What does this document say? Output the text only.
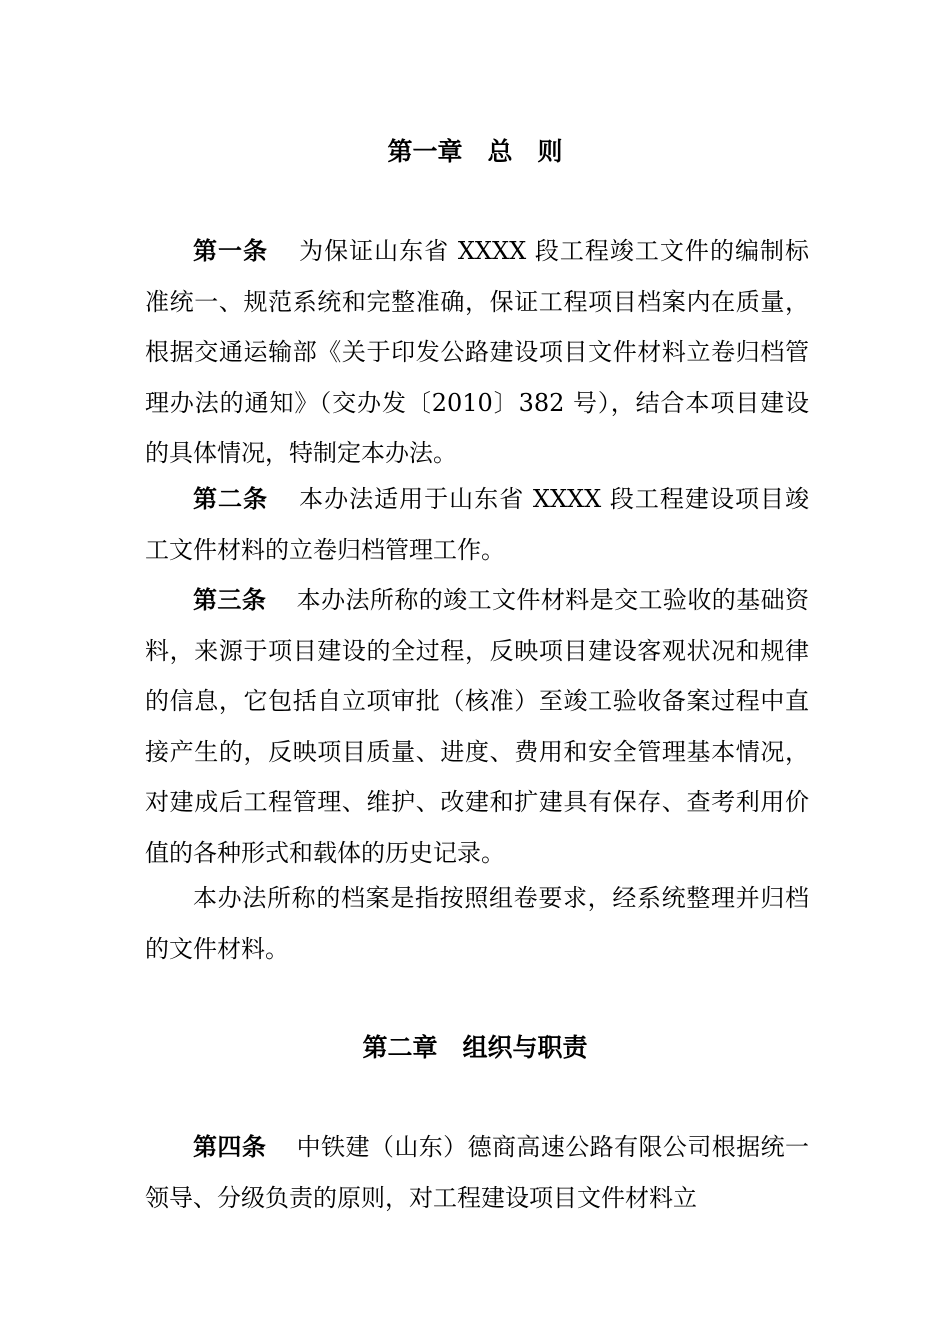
第一章　总　则

第一条 为保证山东省 XXXX 段工程竣工文件的编制标准统一、规范系统和完整准确，保证工程项目档案内在质量，根据交通运输部《关于印发公路建设项目文件材料立卷归档管理办法的通知》（交办发〔2010〕382 号），结合本项目建设的具体情况，特制定本办法。

第二条 本办法适用于山东省 XXXX 段工程建设项目竣工文件材料的立卷归档管理工作。

第三条 本办法所称的竣工文件材料是交工验收的基础资料，来源于项目建设的全过程，反映项目建设客观状况和规律的信息，它包括自立项审批（核准）至竣工验收备案过程中直接产生的，反映项目质量、进度、费用和安全管理基本情况，对建成后工程管理、维护、改建和扩建具有保存、查考利用价值的各种形式和载体的历史记录。

本办法所称的档案是指按照组卷要求，经系统整理并归档的文件材料。

第二章　组织与职责

第四条 中铁建（山东）德商高速公路有限公司根据统一领导、分级负责的原则，对工程建设项目文件材料立
